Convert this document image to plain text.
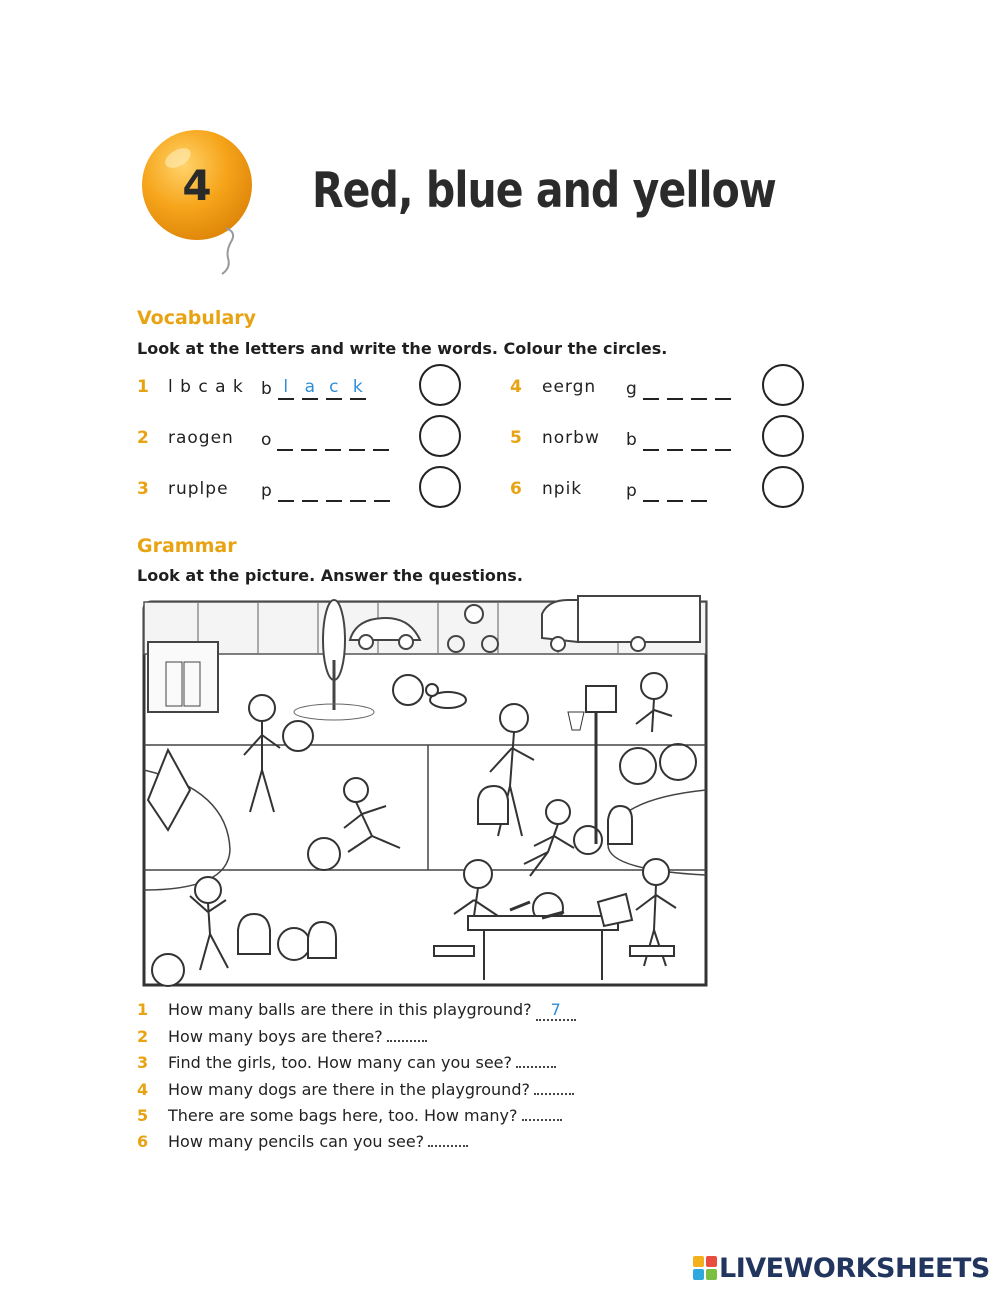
4 Red, blue and yellow
Vocabulary
Look at the letters and write the words. Colour the circles.
1 l b c a k b l a c k
2 raogen o
3 ruplpe p
4 eergn g
5 norbw b
6 npik	p
Grammar
Look at the picture. Answer the questions.
1 How many balls are there in this playground? 7
2 How many boys are there?
3 Find the girls, too. How many can you see?
4 How many dogs are there in the playground?
5 There are some bags here, too. How many?
6 How many pencils can you see?
LIVEWORKSHEETS
